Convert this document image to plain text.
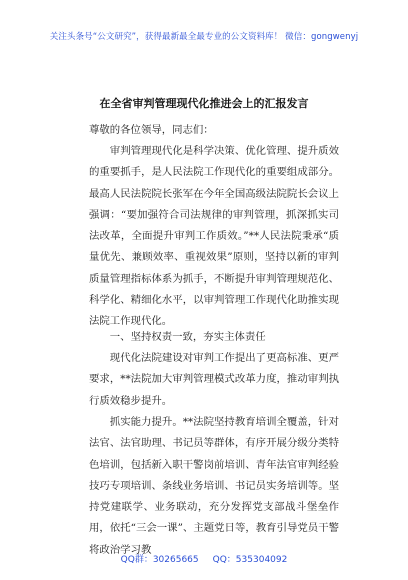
关注头条号“公文研究”，获得最新最全最专业的公文资料库！ 微信：gongwenyj
在全省审判管理现代化推进会上的汇报发言
尊敬的各位领导，同志们：
审判管理现代化是科学决策、优化管理、提升质效的重要抓手，是人民法院工作现代化的重要组成部分。最高人民法院院长张军在今年全国高级法院院长会议上强调：“要加强符合司法规律的审判管理，抓深抓实司法改革，全面提升审判工作质效。”**人民法院秉承“质量优先、兼顾效率、重视效果”原则，坚持以新的审判质量管理指标体系为抓手，不断提升审判管理规范化、科学化、精细化水平，以审判管理工作现代化助推实现法院工作现代化。
一、坚持权责一致，夯实主体责任
现代化法院建设对审判工作提出了更高标准、更严要求，**法院加大审判管理模式改革力度，推动审判执行质效稳步提升。
抓实能力提升。**法院坚持教育培训全覆盖，针对法官、法官助理、书记员等群体，有序开展分级分类特色培训，包括新入职干警岗前培训、青年法官审判经验技巧专项培训、条线业务培训、书记员实务培训等。坚持党建联学、业务联动，充分发挥党支部战斗堡垒作用，依托“三会一课”、主题党日等，教育引导党员干警将政治学习教
QQ群：30265665 QQ：535304092
